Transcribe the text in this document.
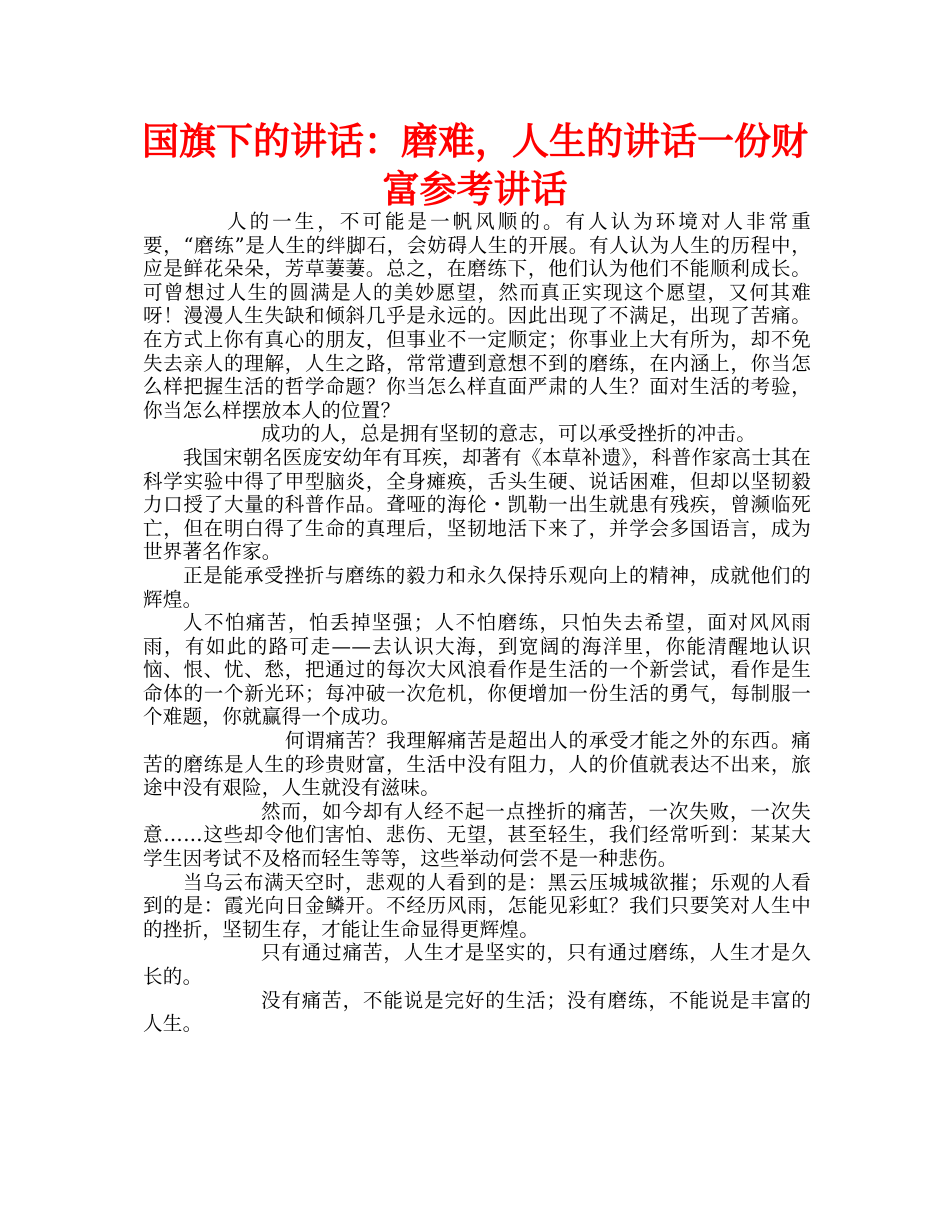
国旗下的讲话：磨难，人生的讲话一份财富参考讲话

人的一生，不可能是一帆风顺的。有人认为环境对人非常重要，“磨练”是人生的绊脚石，会妨碍人生的开展。有人认为人生的历程中，应是鲜花朵朵，芳草萋萋。总之，在磨练下，他们认为他们不能顺利成长。可曾想过人生的圆满是人的美妙愿望，然而真正实现这个愿望，又何其难呀！漫漫人生失缺和倾斜几乎是永远的。因此出现了不满足，出现了苦痛。在方式上你有真心的朋友，但事业不一定顺定；你事业上大有所为，却不免失去亲人的理解，人生之路，常常遭到意想不到的磨练，在内涵上，你当怎么样把握生活的哲学命题？你当怎么样直面严肃的人生？面对生活的考验，你当怎么样摆放本人的位置？

成功的人，总是拥有坚韧的意志，可以承受挫折的冲击。

我国宋朝名医庞安幼年有耳疾，却著有《本草补遗》，科普作家高士其在科学实验中得了甲型脑炎，全身瘫痪，舌头生硬、说话困难，但却以坚韧毅力口授了大量的科普作品。聋哑的海伦・凯勒一出生就患有残疾，曾濒临死亡，但在明白得了生命的真理后，坚韧地活下来了，并学会多国语言，成为世界著名作家。

正是能承受挫折与磨练的毅力和永久保持乐观向上的精神，成就他们的辉煌。

人不怕痛苦，怕丢掉坚强；人不怕磨练，只怕失去希望，面对风风雨雨，有如此的路可走——去认识大海，到宽阔的海洋里，你能清醒地认识恼、恨、忧、愁，把通过的每次大风浪看作是生活的一个新尝试，看作是生命体的一个新光环；每冲破一次危机，你便增加一份生活的勇气，每制服一个难题，你就赢得一个成功。

何谓痛苦？我理解痛苦是超出人的承受才能之外的东西。痛苦的磨练是人生的珍贵财富，生活中没有阻力，人的价值就表达不出来，旅途中没有艰险，人生就没有滋味。

然而，如今却有人经不起一点挫折的痛苦，一次失败，一次失意……这些却令他们害怕、悲伤、无望，甚至轻生，我们经常听到：某某大学生因考试不及格而轻生等等，这些举动何尝不是一种悲伤。

当乌云布满天空时，悲观的人看到的是：黑云压城城欲摧；乐观的人看到的是：霞光向日金鳞开。不经历风雨，怎能见彩虹？我们只要笑对人生中的挫折，坚韧生存，才能让生命显得更辉煌。

只有通过痛苦，人生才是坚实的，只有通过磨练，人生才是久长的。

没有痛苦，不能说是完好的生活；没有磨练，不能说是丰富的人生。
